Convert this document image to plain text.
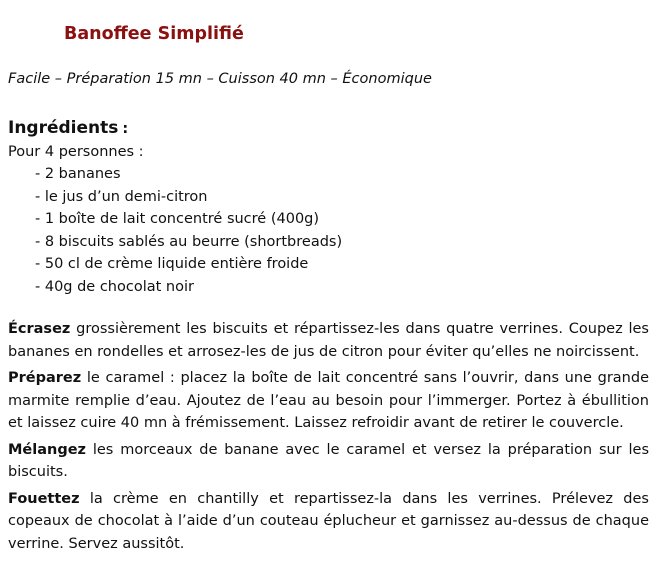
Banoffee Simplifié

Facile – Préparation 15 mn – Cuisson 40 mn – Économique

Ingrédients :

Pour 4 personnes :

- 2 bananes
- le jus d’un demi-citron
- 1 boîte de lait concentré sucré (400g)
- 8 biscuits sablés au beurre (shortbreads)
- 50 cl de crème liquide entière froide
- 40g de chocolat noir

Écrasez grossièrement les biscuits et répartissez-les dans quatre verrines. Coupez les bananes en rondelles et arrosez-les de jus de citron pour éviter qu’elles ne noircissent.

Préparez le caramel : placez la boîte de lait concentré sans l’ouvrir, dans une grande marmite remplie d’eau. Ajoutez de l’eau au besoin pour l’immerger. Portez à ébullition et laissez cuire 40 mn à frémissement. Laissez refroidir avant de retirer le couvercle.

Mélangez les morceaux de banane avec le caramel et versez la préparation sur les biscuits.

Fouettez la crème en chantilly et repartissez-la dans les verrines. Prélevez des copeaux de chocolat à l’aide d’un couteau éplucheur et garnissez au-dessus de chaque verrine. Servez aussitôt.
